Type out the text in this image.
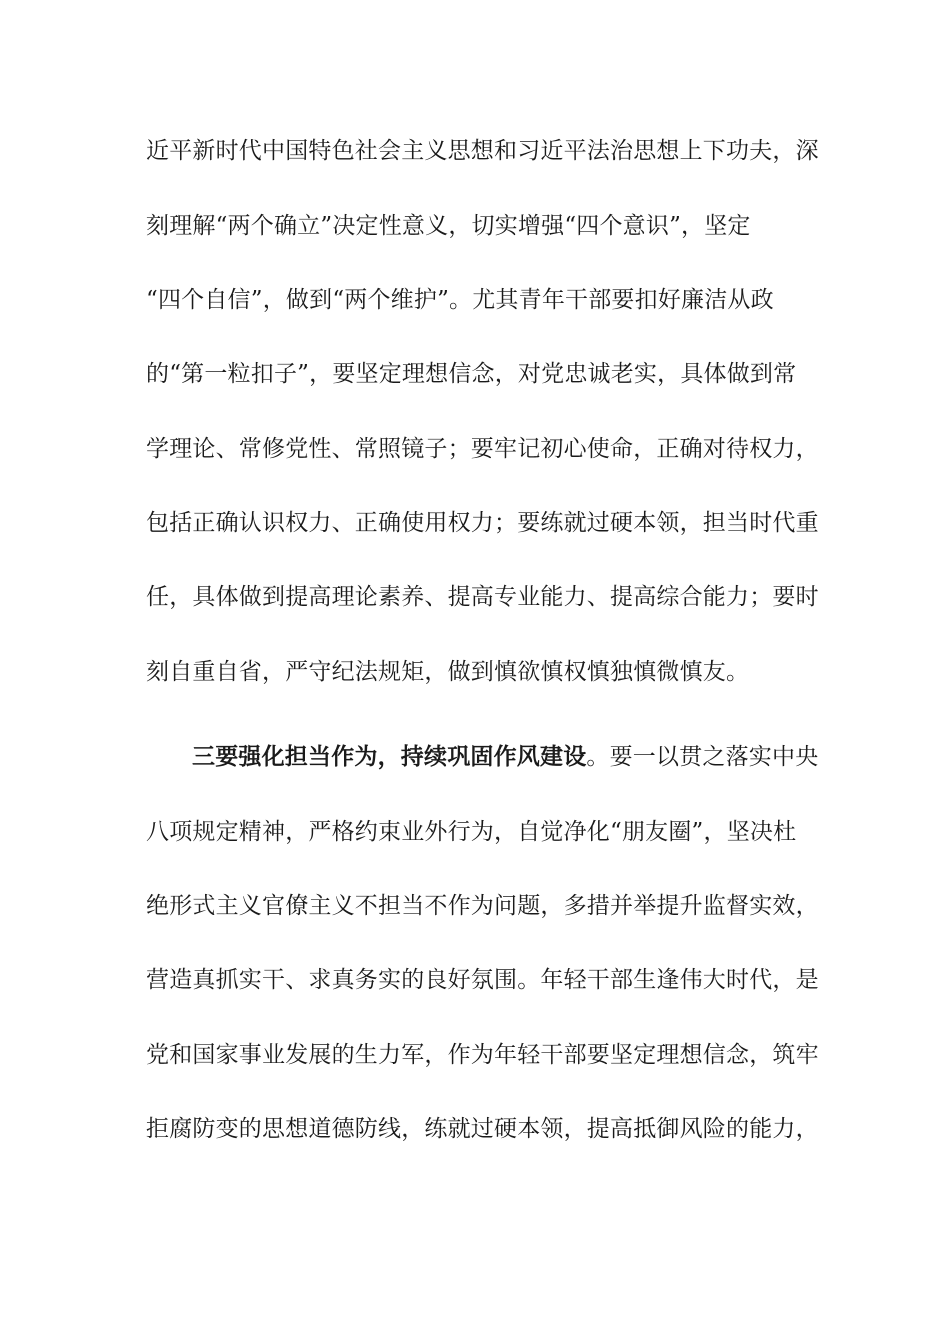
近平新时代中国特色社会主义思想和习近平法治思想上下功夫，深
刻理解“两个确立”决定性意义，切实增强“四个意识”，坚定
“四个自信”，做到“两个维护”。尤其青年干部要扣好廉洁从政
的“第一粒扣子”，要坚定理想信念，对党忠诚老实，具体做到常
学理论、常修党性、常照镜子；要牢记初心使命，正确对待权力，
包括正确认识权力、正确使用权力；要练就过硬本领，担当时代重
任，具体做到提高理论素养、提高专业能力、提高综合能力；要时
刻自重自省，严守纪法规矩，做到慎欲慎权慎独慎微慎友。
三要强化担当作为，持续巩固作风建设。要一以贯之落实中央
八项规定精神，严格约束业外行为，自觉净化“朋友圈”，坚决杜
绝形式主义官僚主义不担当不作为问题，多措并举提升监督实效，
营造真抓实干、求真务实的良好氛围。年轻干部生逢伟大时代，是
党和国家事业发展的生力军，作为年轻干部要坚定理想信念，筑牢
拒腐防变的思想道德防线，练就过硬本领，提高抵御风险的能力，
